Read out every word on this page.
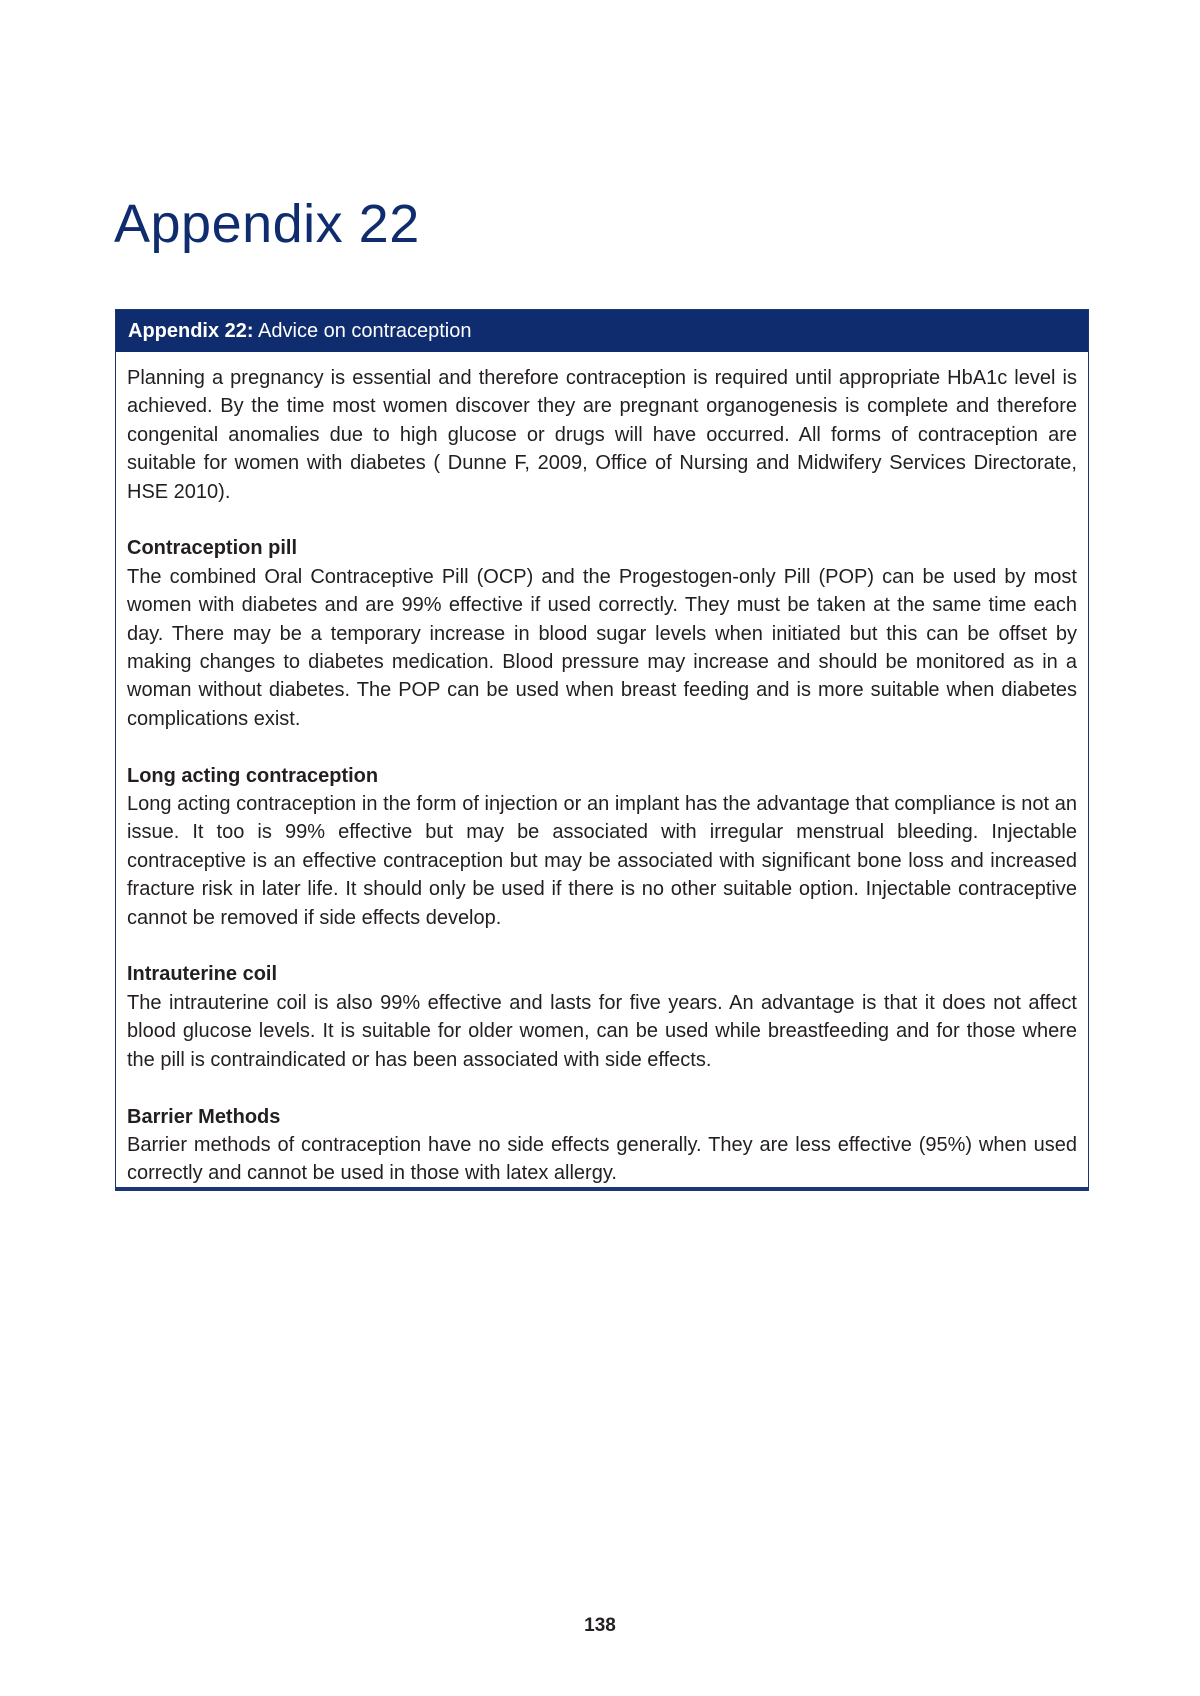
Appendix 22
Appendix 22: Advice on contraception

Planning a pregnancy is essential and therefore contraception is required until appropriate HbA1c level is achieved. By the time most women discover they are pregnant organogenesis is complete and therefore congenital anomalies due to high glucose or drugs will have occurred. All forms of contraception are suitable for women with diabetes ( Dunne F, 2009, Office of Nursing and Midwifery Services Directorate, HSE 2010).

Contraception pill

The combined Oral Contraceptive Pill (OCP) and the Progestogen-only Pill (POP) can be used by most women with diabetes and are 99% effective if used correctly. They must be taken at the same time each day. There may be a temporary increase in blood sugar levels when initiated but this can be offset by making changes to diabetes medication. Blood pressure may increase and should be monitored as in a woman without diabetes. The POP can be used when breast feeding and is more suitable when diabetes complications exist.

Long acting contraception

Long acting contraception in the form of injection or an implant has the advantage that compliance is not an issue. It too is 99% effective but may be associated with irregular menstrual bleeding. Injectable contraceptive is an effective contraception but may be associated with significant bone loss and increased fracture risk in later life. It should only be used if there is no other suitable option. Injectable contraceptive cannot be removed if side effects develop.

Intrauterine coil

The intrauterine coil is also 99% effective and lasts for five years. An advantage is that it does not affect blood glucose levels. It is suitable for older women, can be used while breastfeeding and for those where the pill is contraindicated or has been associated with side effects.

Barrier Methods

Barrier methods of contraception have no side effects generally. They are less effective (95%) when used correctly and cannot be used in those with latex allergy.

138
